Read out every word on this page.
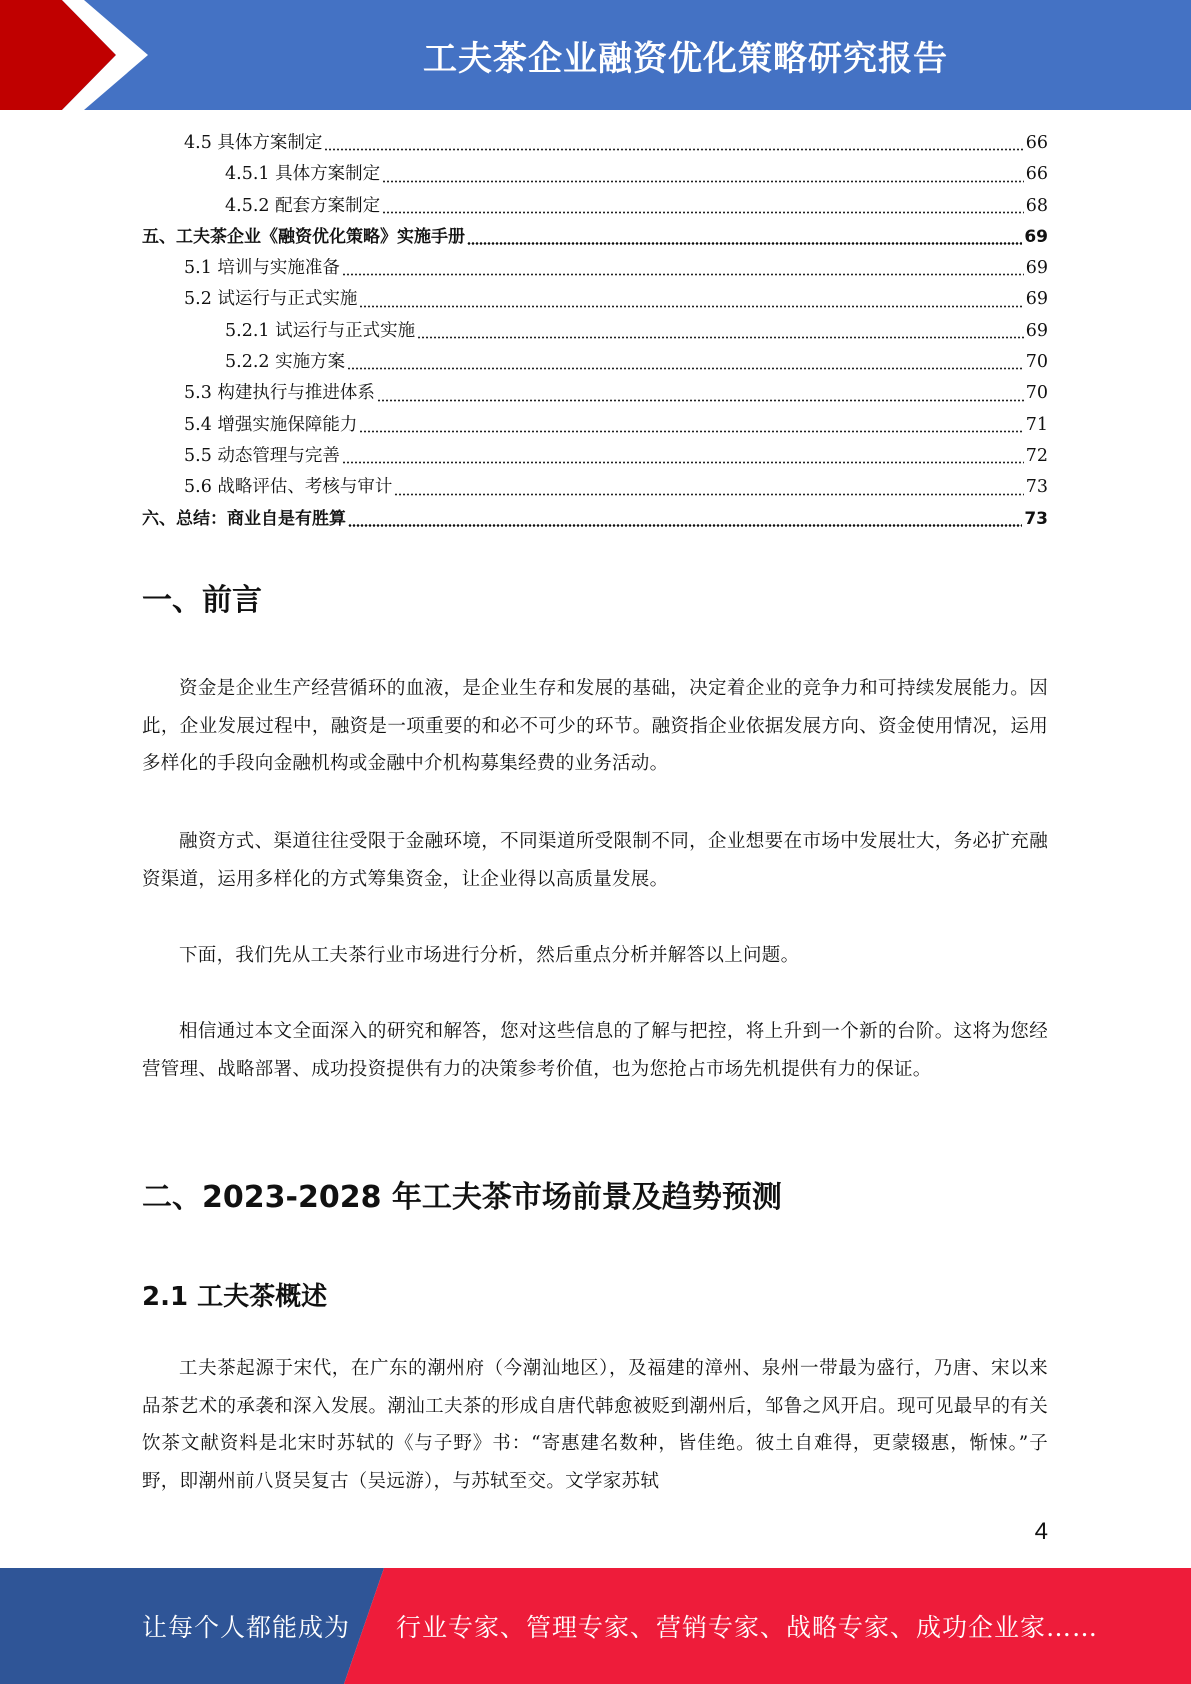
工夫茶企业融资优化策略研究报告
4.5 具体方案制定	66
4.5.1 具体方案制定	66
4.5.2 配套方案制定	68
五、工夫茶企业《融资优化策略》实施手册	69
5.1 培训与实施准备	69
5.2 试运行与正式实施	69
5.2.1 试运行与正式实施	69
5.2.2 实施方案	70
5.3 构建执行与推进体系	70
5.4 增强实施保障能力	71
5.5 动态管理与完善	72
5.6 战略评估、考核与审计	73
六、总结：商业自是有胜算	73
一、前言

资金是企业生产经营循环的血液，是企业生存和发展的基础，决定着企业的竞争力和可持续发展能力。因此，企业发展过程中，融资是一项重要的和必不可少的环节。融资指企业依据发展方向、资金使用情况，运用多样化的手段向金融机构或金融中介机构募集经费的业务活动。

融资方式、渠道往往受限于金融环境，不同渠道所受限制不同，企业想要在市场中发展壮大，务必扩充融资渠道，运用多样化的方式筹集资金，让企业得以高质量发展。

下面，我们先从工夫茶行业市场进行分析，然后重点分析并解答以上问题。

相信通过本文全面深入的研究和解答，您对这些信息的了解与把控，将上升到一个新的台阶。这将为您经营管理、战略部署、成功投资提供有力的决策参考价值，也为您抢占市场先机提供有力的保证。

二、2023-2028 年工夫茶市场前景及趋势预测
2.1 工夫茶概述

工夫茶起源于宋代，在广东的潮州府（今潮汕地区），及福建的漳州、泉州一带最为盛行，乃唐、宋以来品茶艺术的承袭和深入发展。潮汕工夫茶的形成自唐代韩愈被贬到潮州后，邹鲁之风开启。现可见最早的有关饮茶文献资料是北宋时苏轼的《与子野》书：“寄惠建名数种，皆佳绝。彼土自难得，更蒙辍惠，惭悚。”子野，即潮州前八贤吴复古（吴远游），与苏轼至交。文学家苏轼

4
让每个人都能成为 行业专家、管理专家、营销专家、战略专家、成功企业家……
